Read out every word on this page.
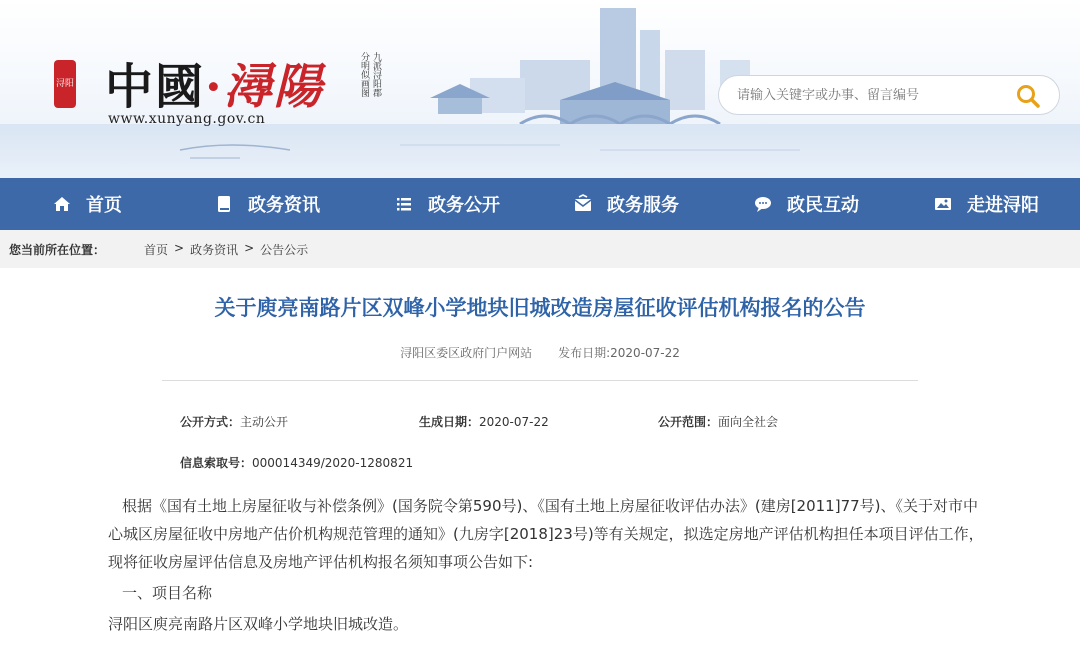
浔阳 中國·潯陽
www.xunyang.gov.cn
九派浔阳郡
分明似画图
请输入关键字或办事、留言编号
首页	政务资讯	政务公开	政务服务	政民互动	走进浔阳
您当前所在位置：	首页 > 政务资讯 > 公告公示
关于庾亮南路片区双峰小学地块旧城改造房屋征收评估机构报名的公告
浔阳区委区政府门户网站 发布日期:2020-07-22
公开方式：主动公开	生成日期：2020-07-22	公开范围：面向全社会
信息索取号：000014349/2020-1280821

根据《国有土地上房屋征收与补偿条例》(国务院令第590号)、《国有土地上房屋征收评估办法》(建房[2011]77号)、《关于对市中心城区房屋征收中房地产估价机构规范管理的通知》(九房字[2018]23号)等有关规定，拟选定房地产评估机构担任本项目评估工作，现将征收房屋评估信息及房地产评估机构报名须知事项公告如下:

一、项目名称

浔阳区庾亮南路片区双峰小学地块旧城改造。
